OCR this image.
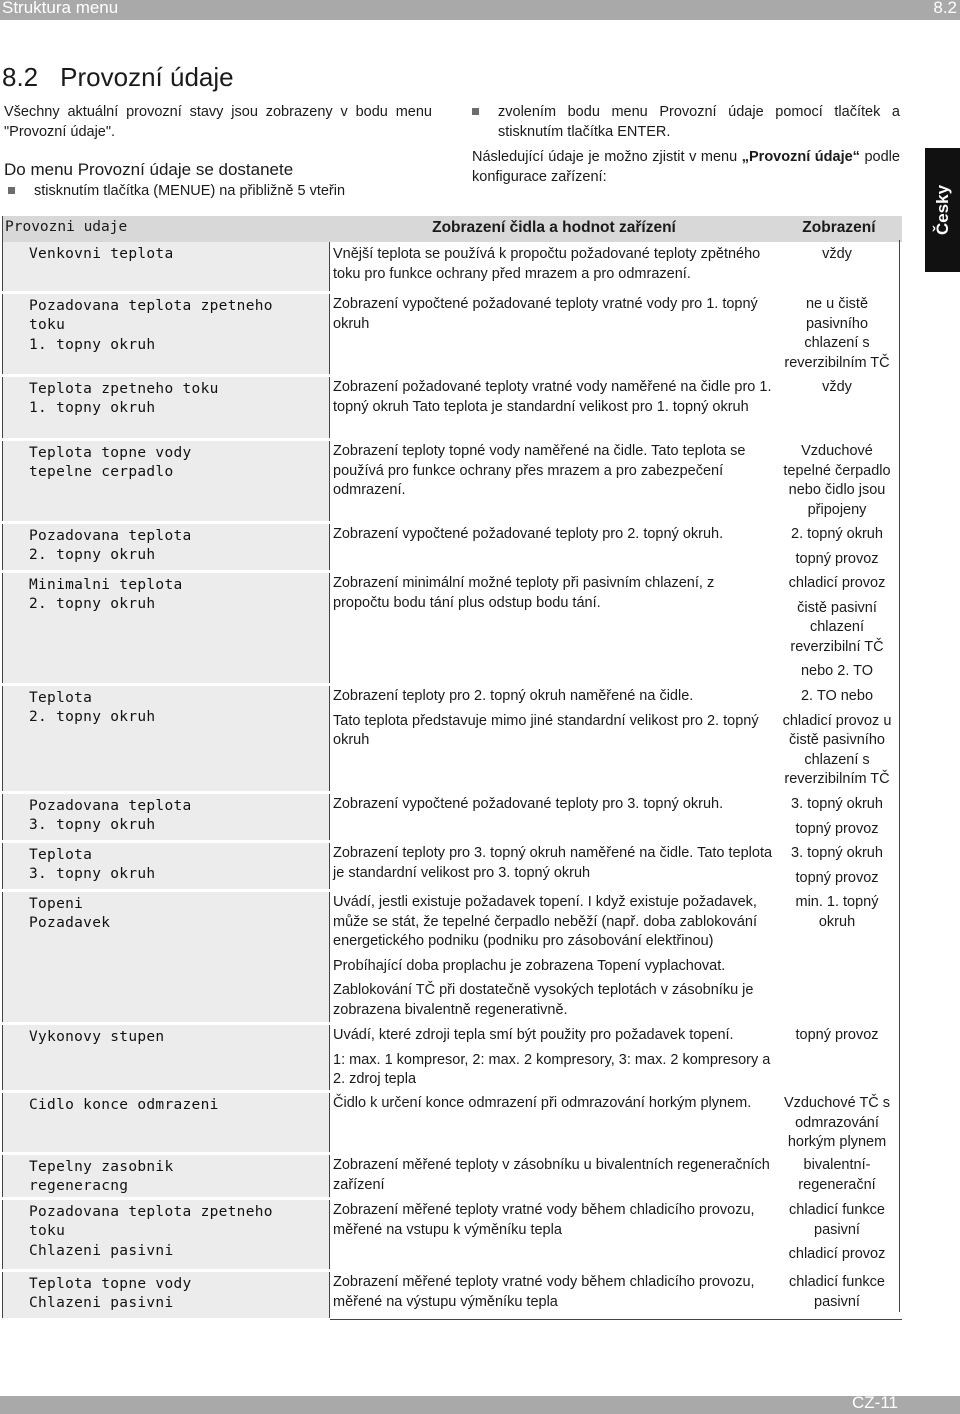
Struktura menu	8.2
8.2 Provozní údaje
Všechny aktuální provozní stavy jsou zobrazeny v bodu menu "Provozní údaje".
Do menu Provozní údaje se dostanete
stisknutím tlačítka (MENUE) na přibližně 5 vteřin
zvolením bodu menu Provozní údaje pomocí tlačítek a stisknutím tlačítka ENTER.

Následující údaje je možno zjistit v menu „Provozní údaje“ podle konfigurace zařízení:

Česky
Provozni udaje	Zobrazení čidla a hodnot zařízení	Zobrazení
Venkovni teplota	Vnější teplota se používá k propočtu požadované teploty zpětného toku pro funkce ochrany před mrazem a pro odmrazení.	vždy

Pozadovana teplota zpetneho
toku
1. topny okruh	Zobrazení vypočtené požadované teploty vratné vody pro 1. topný okruh	ne u čistě pasivního chlazení s reverzibilním TČ

Teplota zpetneho toku
1. topny okruh	Zobrazení požadované teploty vratné vody naměřené na čidle pro 1. topný okruh Tato teplota je standardní velikost pro 1. topný okruh	vždy

Teplota topne vody
tepelne cerpadlo	Zobrazení teploty topné vody naměřené na čidle. Tato teplota se používá pro funkce ochrany přes mrazem a pro zabezpečení odmrazení.	Vzduchové tepelné čerpadlo nebo čidlo jsou připojeny

Pozadovana teplota
2. topny okruh	Zobrazení vypočtené požadované teploty pro 2. topný okruh.	2. topný okruh
topný provoz

Minimalni teplota
2. topny okruh	Zobrazení minimální možné teploty při pasivním chlazení, z propočtu bodu tání plus odstup bodu tání.	chladicí provoz
čistě pasivní chlazení reverzibilní TČ
nebo 2. TO

Teplota
2. topny okruh	Zobrazení teploty pro 2. topný okruh naměřené na čidle.
Tato teplota představuje mimo jiné standardní velikost pro 2. topný okruh	2. TO nebo
chladicí provoz u čistě pasivního chlazení s reverzibilním TČ

Pozadovana teplota
3. topny okruh	Zobrazení vypočtené požadované teploty pro 3. topný okruh.	3. topný okruh
topný provoz

Teplota
3. topny okruh	Zobrazení teploty pro 3. topný okruh naměřené na čidle. Tato teplota je standardní velikost pro 3. topný okruh	3. topný okruh
topný provoz

Topeni
Pozadavek	Uvádí, jestli existuje požadavek topení. I když existuje požadavek, může se stát, že tepelné čerpadlo neběží (např. doba zablokování energetického podniku (podniku pro zásobování elektřinou)
Probíhající doba proplachu je zobrazena Topení vyplachovat.
Zablokování TČ při dostatečně vysokých teplotách v zásobníku je zobrazena bivalentně regenerativně.	min. 1. topný okruh

Vykonovy stupen	Uvádí, které zdroji tepla smí být použity pro požadavek topení.
1: max. 1 kompresor, 2: max. 2 kompresory, 3: max. 2 kompresory a 2. zdroj tepla	topný provoz

Cidlo konce odmrazeni	Čidlo k určení konce odmrazení při odmrazování horkým plynem.	Vzduchové TČ s odmrazování horkým plynem

Tepelny zasobnik
regeneracng	Zobrazení měřené teploty v zásobníku u bivalentních regeneračních zařízení	bivalentní-regenerační

Pozadovana teplota zpetneho
toku
Chlazeni pasivni	Zobrazení měřené teploty vratné vody během chladicího provozu, měřené na vstupu k výměníku tepla	chladicí funkce pasivní
chladicí provoz

Teplota topne vody
Chlazeni pasivni	Zobrazení měřené teploty vratné vody během chladicího provozu, měřené na výstupu výměníku tepla	chladicí funkce pasivní
CZ-11
